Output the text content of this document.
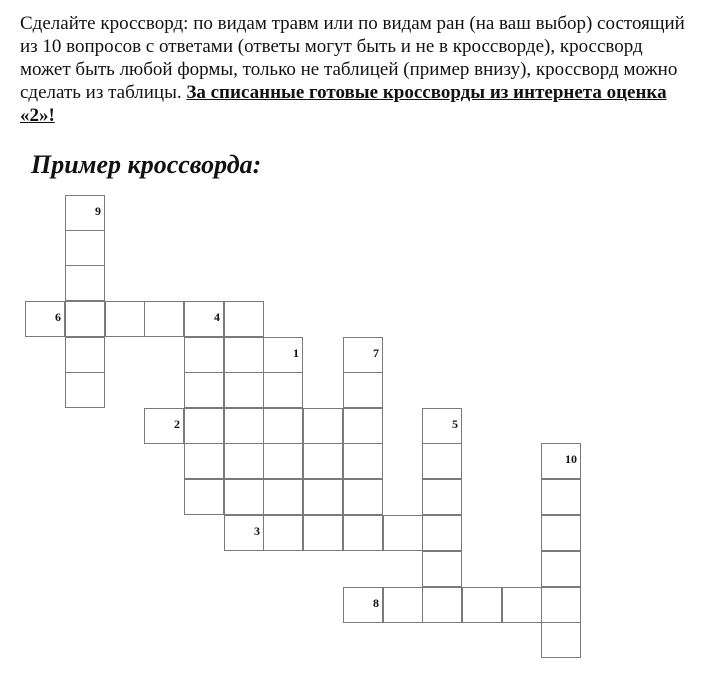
Сделайте кроссворд: по видам травм или по видам ран (на ваш выбор) состоящий из 10 вопросов с ответами (ответы могут быть и не в кроссворде), кроссворд может быть любой формы, только не таблицей (пример внизу), кроссворд можно сделать из таблицы. За списанные готовые кроссворды из интернета оценка «2»!
Пример кроссворда:
9
6	4
1	7
2	5
10
3
8
